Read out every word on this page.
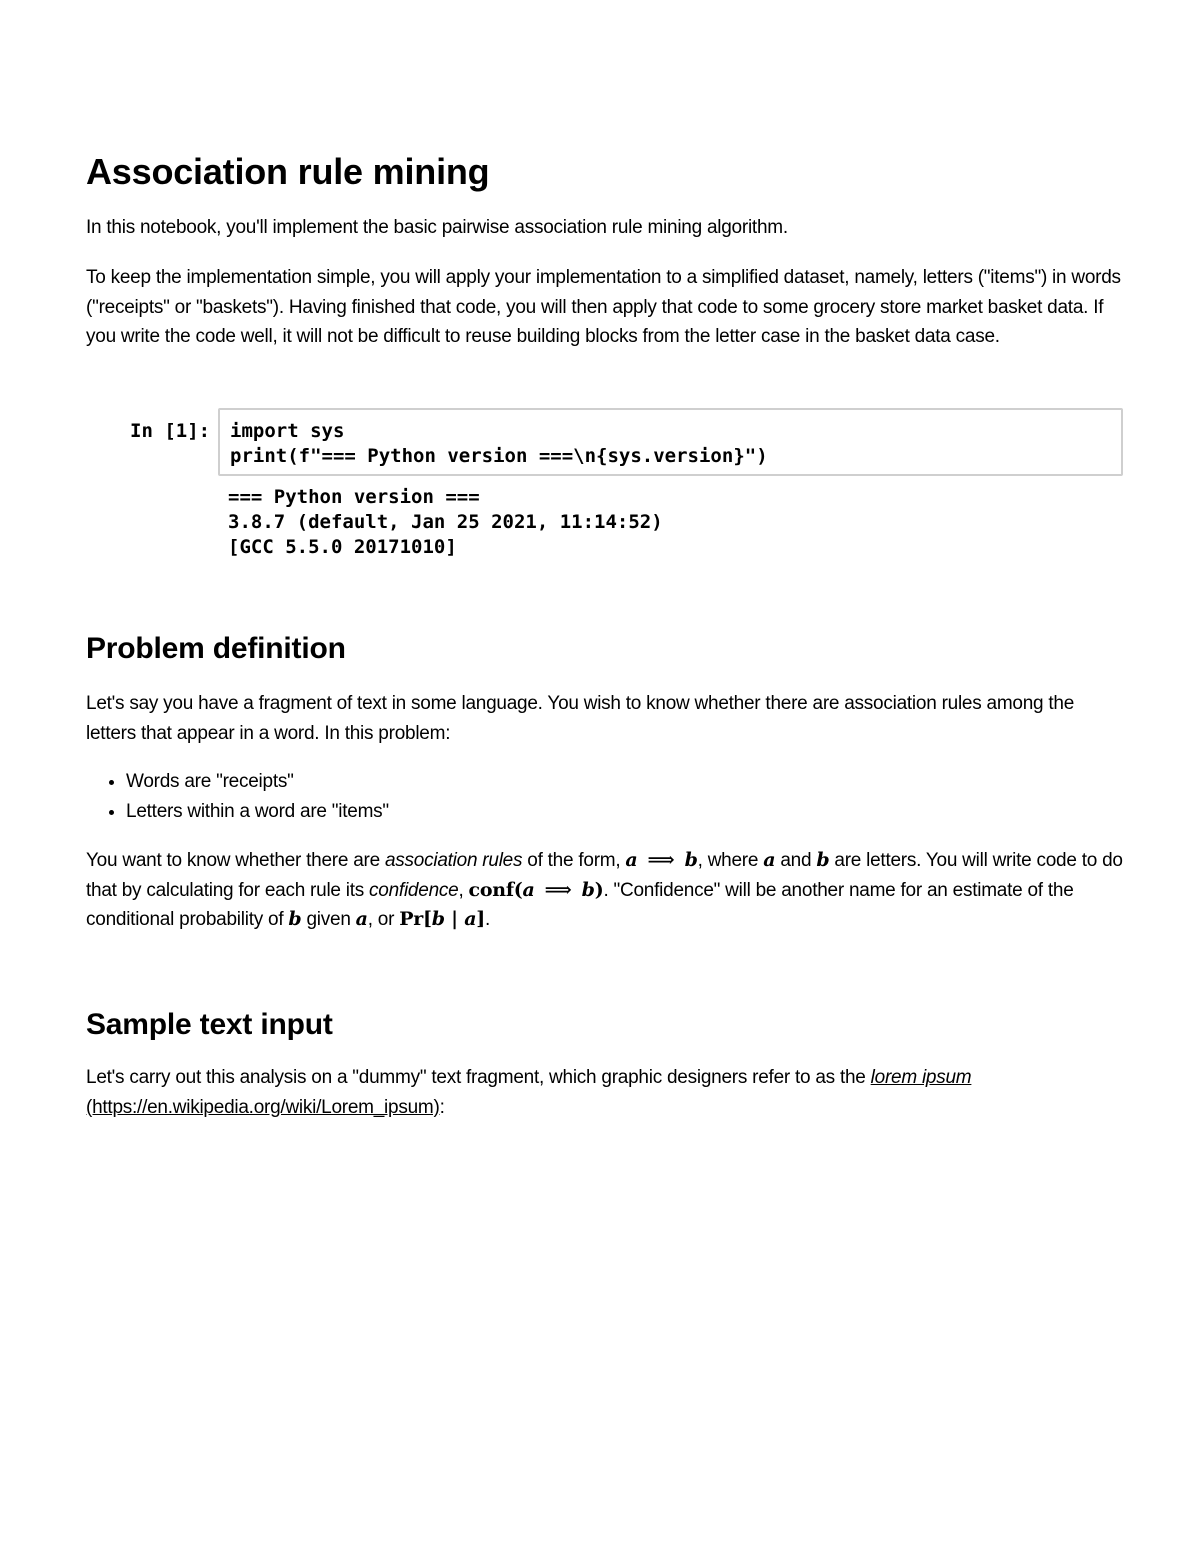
Association rule mining

In this notebook, you'll implement the basic pairwise association rule mining algorithm.

To keep the implementation simple, you will apply your implementation to a simplified dataset, namely, letters ("items") in words ("receipts" or "baskets"). Having finished that code, you will then apply that code to some grocery store market basket data. If you write the code well, it will not be difficult to reuse building blocks from the letter case in the basket data case.

In [1]: import sys
print(f"=== Python version ===\n{sys.version}")
=== Python version ===
3.8.7 (default, Jan 25 2021, 11:14:52)
[GCC 5.5.0 20171010]
Problem definition

Let's say you have a fragment of text in some language. You wish to know whether there are association rules among the letters that appear in a word. In this problem:

• Words are "receipts"
• Letters within a word are "items"

You want to know whether there are association rules of the form, a ⟹ b, where a and b are letters. You will write code to do that by calculating for each rule its confidence, conf(a ⟹ b). "Confidence" will be another name for an estimate of the conditional probability of b given a, or Pr[b | a].

Sample text input

Let's carry out this analysis on a "dummy" text fragment, which graphic designers refer to as the lorem ipsum (https://en.wikipedia.org/wiki/Lorem_ipsum):
